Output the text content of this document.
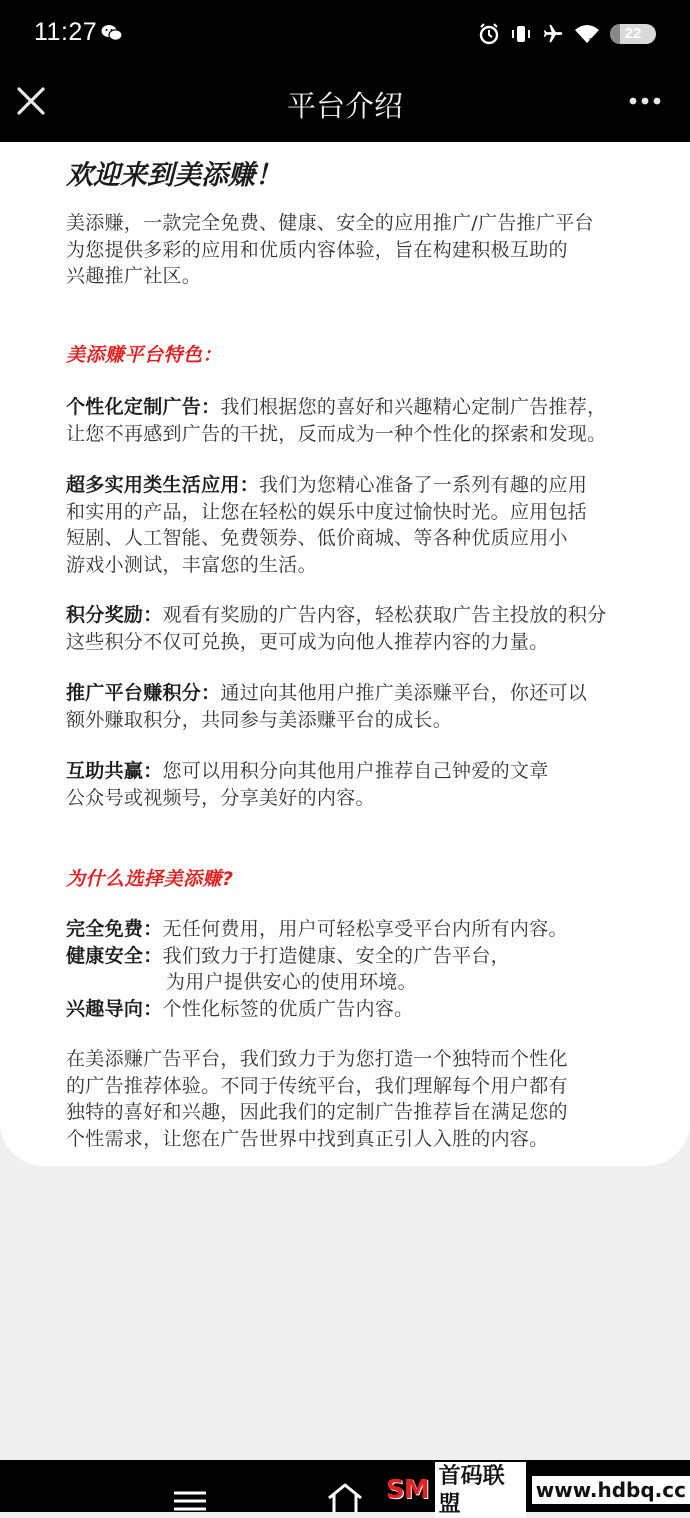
11:27	6	22
平台介绍

欢迎来到美添赚！

美添赚，一款完全免费、健康、安全的应用推广/广告推广平台

为您提供多彩的应用和优质内容体验，旨在构建积极互助的

兴趣推广社区。

美添赚平台特色：

个性化定制广告：我们根据您的喜好和兴趣精心定制广告推荐，

让您不再感到广告的干扰，反而成为一种个性化的探索和发现。

超多实用类生活应用：我们为您精心准备了一系列有趣的应用

和实用的产品，让您在轻松的娱乐中度过愉快时光。应用包括

短剧、人工智能、免费领券、低价商城、等各种优质应用小

游戏小测试，丰富您的生活。

积分奖励：观看有奖励的广告内容，轻松获取广告主投放的积分

这些积分不仅可兑换，更可成为向他人推荐内容的力量。

推广平台赚积分：通过向其他用户推广美添赚平台，你还可以

额外赚取积分，共同参与美添赚平台的成长。

互助共赢：您可以用积分向其他用户推荐自己钟爱的文章

公众号或视频号，分享美好的内容。

为什么选择美添赚?

完全免费： 无任何费用，用户可轻松享受平台内所有内容。
健康安全： 我们致力于打造健康、安全的广告平台，
为用户提供安心的使用环境。
兴趣导向： 个性化标签的优质广告内容。

在美添赚广告平台，我们致力于为您打造一个独特而个性化

的广告推荐体验。不同于传统平台，我们理解每个用户都有

独特的喜好和兴趣，因此我们的定制广告推荐旨在满足您的

个性需求，让您在广告世界中找到真正引人入胜的内容。

SM 首码联盟
www.hdbq.cc
